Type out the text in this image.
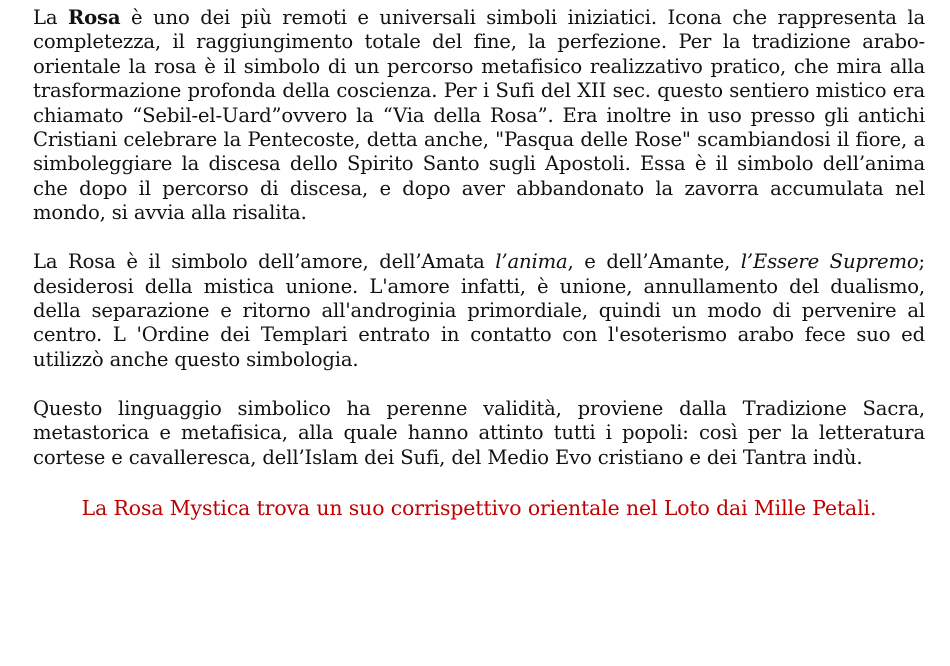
La Rosa è uno dei più remoti e universali simboli iniziatici. Icona che rappresenta la completezza, il raggiungimento totale del fine, la perfezione. Per la tradizione arabo-orientale la rosa è il simbolo di un percorso metafisico realizzativo pratico, che mira alla trasformazione profonda della coscienza. Per i Sufi del XII sec. questo sentiero mistico era chiamato “Sebil-el-Uard”ovvero la “Via della Rosa”. Era inoltre in uso presso gli antichi Cristiani celebrare la Pentecoste, detta anche, "Pasqua delle Rose" scambiandosi il fiore, a simboleggiare la discesa dello Spirito Santo sugli Apostoli. Essa è il simbolo dell’anima che dopo il percorso di discesa, e dopo aver abbandonato la zavorra accumulata nel mondo, si avvia alla risalita.

La Rosa è il simbolo dell’amore, dell’Amata l’anima, e dell’Amante, l’Essere Supremo; desiderosi della mistica unione. L'amore infatti, è unione, annullamento del dualismo, della separazione e ritorno all'androginia primordiale, quindi un modo di pervenire al centro. L 'Ordine dei Templari entrato in contatto con l'esoterismo arabo fece suo ed utilizzò anche questo simbologia.

Questo linguaggio simbolico ha perenne validità, proviene dalla Tradizione Sacra, metastorica e metafisica, alla quale hanno attinto tutti i popoli: così per la letteratura cortese e cavalleresca, dell’Islam dei Sufi, del Medio Evo cristiano e dei Tantra indù.

La Rosa Mystica trova un suo corrispettivo orientale nel Loto dai Mille Petali.
